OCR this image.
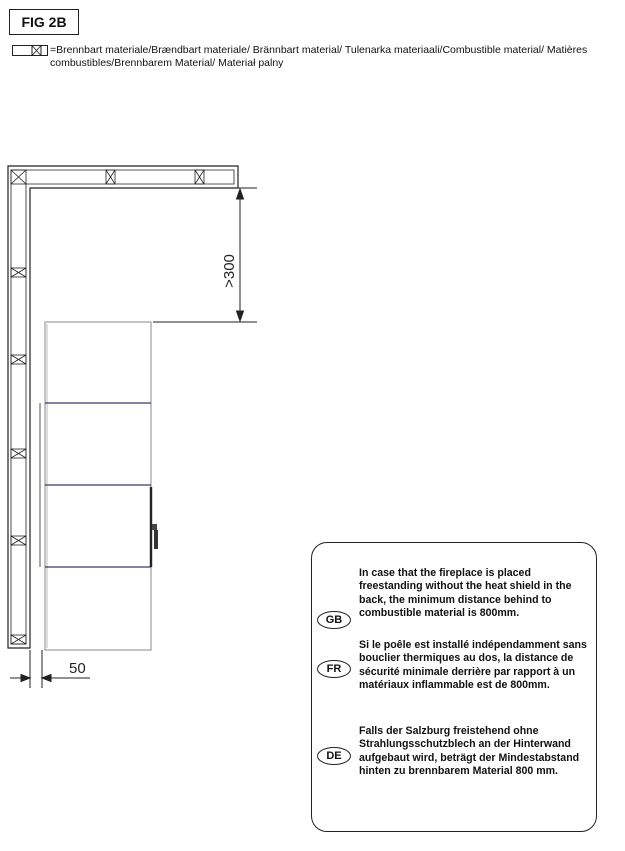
FIG 2B
=Brennbart materiale/Brændbart materiale/ Brännbart material/ Tulenarka materiaali/Combustible material/ Matières combustibles/Brennbarem Material/ Materiał palny
>300
50
In case that the fireplace is placed freestanding without the heat shield in the back, the minimum distance behind to combustible material is 800mm.
GB
Si le poêle est installé indépendamment sans bouclier thermiques au dos, la distance de sécurité minimale derrière par rapport à un matériaux inflammable est de 800mm.
FR
Falls der Salzburg freistehend ohne Strahlungsschutzblech an der Hinterwand aufgebaut wird, beträgt der Mindestabstand hinten zu brennbarem Material 800 mm.
DE
